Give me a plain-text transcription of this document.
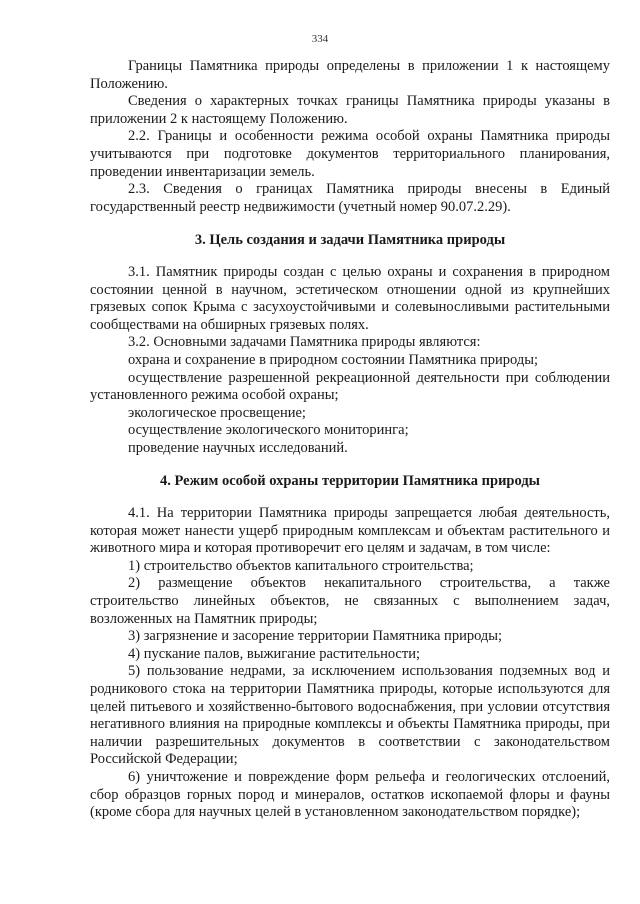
334

Границы Памятника природы определены в приложении 1 к настоящему Положению.

Сведения о характерных точках границы Памятника природы указаны в приложении 2 к настоящему Положению.

2.2. Границы и особенности режима особой охраны Памятника природы учитываются при подготовке документов территориального планирования, проведении инвентаризации земель.

2.3. Сведения о границах Памятника природы внесены в Единый государственный реестр недвижимости (учетный номер 90.07.2.29).

3. Цель создания и задачи Памятника природы

3.1. Памятник природы создан с целью охраны и сохранения в природном состоянии ценной в научном, эстетическом отношении одной из крупнейших грязевых сопок Крыма с засухоустойчивыми и солевыносливыми растительными сообществами на обширных грязевых полях.

3.2. Основными задачами Памятника природы являются:

охрана и сохранение в природном состоянии Памятника природы;

осуществление разрешенной рекреационной деятельности при соблюдении установленного режима особой охраны;

экологическое просвещение;

осуществление экологического мониторинга;

проведение научных исследований.

4. Режим особой охраны территории Памятника природы

4.1. На территории Памятника природы запрещается любая деятельность, которая может нанести ущерб природным комплексам и объектам растительного и животного мира и которая противоречит его целям и задачам, в том числе:

1) строительство объектов капитального строительства;

2) размещение объектов некапитального строительства, а также строительство линейных объектов, не связанных с выполнением задач, возложенных на Памятник природы;

3) загрязнение и засорение территории Памятника природы;

4) пускание палов, выжигание растительности;

5) пользование недрами, за исключением использования подземных вод и родникового стока на территории Памятника природы, которые используются для целей питьевого и хозяйственно-бытового водоснабжения, при условии отсутствия негативного влияния на природные комплексы и объекты Памятника природы, при наличии разрешительных документов в соответствии с законодательством Российской Федерации;

6) уничтожение и повреждение форм рельефа и геологических отслоений, сбор образцов горных пород и минералов, остатков ископаемой флоры и фауны (кроме сбора для научных целей в установленном законодательством порядке);
